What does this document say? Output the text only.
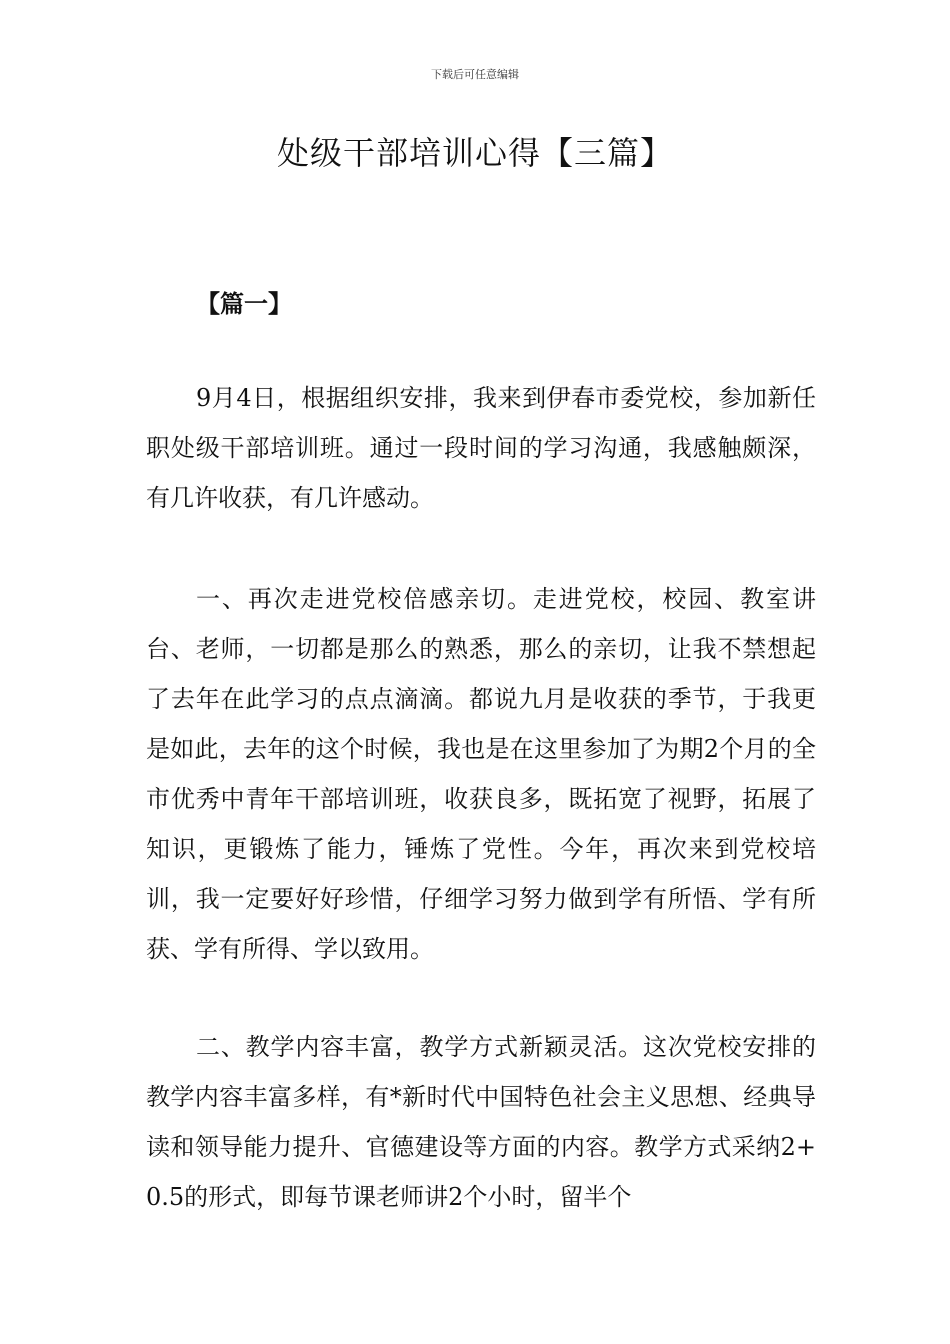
下载后可任意编辑
处级干部培训心得【三篇】
【篇一】

9月4日，根据组织安排，我来到伊春市委党校，参加新任职处级干部培训班。通过一段时间的学习沟通，我感触颇深，有几许收获，有几许感动。

一、再次走进党校倍感亲切。走进党校，校园、教室讲台、老师，一切都是那么的熟悉，那么的亲切，让我不禁想起了去年在此学习的点点滴滴。都说九月是收获的季节，于我更是如此，去年的这个时候，我也是在这里参加了为期2个月的全市优秀中青年干部培训班，收获良多，既拓宽了视野，拓展了知识，更锻炼了能力，锤炼了党性。今年，再次来到党校培训，我一定要好好珍惜，仔细学习努力做到学有所悟、学有所获、学有所得、学以致用。

二、教学内容丰富，教学方式新颖灵活。这次党校安排的教学内容丰富多样，有*新时代中国特色社会主义思想、经典导读和领导能力提升、官德建设等方面的内容。教学方式采纳2+0.5的形式，即每节课老师讲2个小时，留半个
